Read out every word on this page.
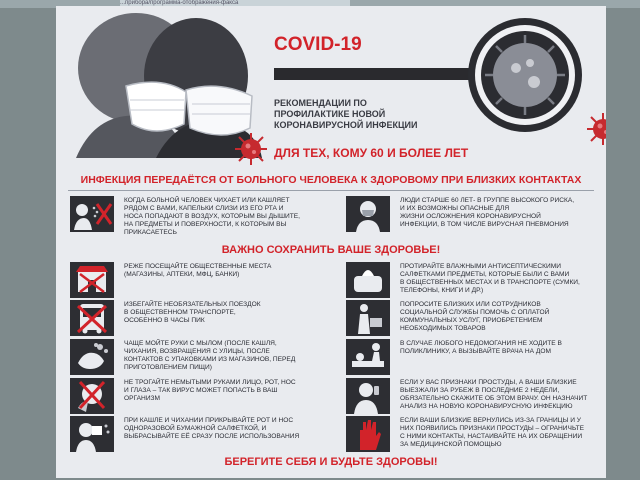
...прибора/программа-отображения-факса
COVID-19
РЕКОМЕНДАЦИИ ПО
ПРОФИЛАКТИКЕ НОВОЙ
КОРОНАВИРУСНОЙ ИНФЕКЦИИ
ДЛЯ ТЕХ, КОМУ 60 И БОЛЕЕ ЛЕТ
ИНФЕКЦИЯ ПЕРЕДАЁТСЯ ОТ БОЛЬНОГО ЧЕЛОВЕКА К ЗДОРОВОМУ ПРИ БЛИЗКИХ КОНТАКТАХ
КОГДА БОЛЬНОЙ ЧЕЛОВЕК ЧИХАЕТ ИЛИ КАШЛЯЕТ
РЯДОМ С ВАМИ, КАПЕЛЬКИ СЛИЗИ ИЗ ЕГО РТА И
НОСА ПОПАДАЮТ В ВОЗДУХ, КОТОРЫМ ВЫ ДЫШИТЕ,
НА ПРЕДМЕТЫ И ПОВЕРХНОСТИ, К КОТОРЫМ ВЫ
ПРИКАСАЕТЕСЬ
ЛЮДИ СТАРШЕ 60 ЛЕТ- В ГРУППЕ ВЫСОКОГО РИСКА,
И ИХ ВОЗМОЖНЫ ОПАСНЫЕ ДЛЯ
ЖИЗНИ ОСЛОЖНЕНИЯ КОРОНАВИРУСНОЙ
ИНФЕКЦИИ, В ТОМ ЧИСЛЕ ВИРУСНАЯ ПНЕВМОНИЯ
ВАЖНО СОХРАНИТЬ ВАШЕ ЗДОРОВЬЕ!
РЕЖЕ ПОСЕЩАЙТЕ ОБЩЕСТВЕННЫЕ МЕСТА
(МАГАЗИНЫ, АПТЕКИ, МФЦ, БАНКИ)
ИЗБЕГАЙТЕ НЕОБЯЗАТЕЛЬНЫХ ПОЕЗДОК
В ОБЩЕСТВЕННОМ ТРАНСПОРТЕ,
ОСОБЕННО В ЧАСЫ ПИК
ЧАЩЕ МОЙТЕ РУКИ С МЫЛОМ (ПОСЛЕ КАШЛЯ,
ЧИХАНИЯ, ВОЗВРАЩЕНИЯ С УЛИЦЫ, ПОСЛЕ
КОНТАКТОВ С УПАКОВКАМИ ИЗ МАГАЗИНОВ, ПЕРЕД
ПРИГОТОВЛЕНИЕМ ПИЩИ)
НЕ ТРОГАЙТЕ НЕМЫТЫМИ РУКАМИ ЛИЦО, РОТ, НОС
И ГЛАЗА – ТАК ВИРУС МОЖЕТ ПОПАСТЬ В ВАШ
ОРГАНИЗМ
ПРИ КАШЛЕ И ЧИХАНИИ ПРИКРЫВАЙТЕ РОТ И НОС
ОДНОРАЗОВОЙ БУМАЖНОЙ САЛФЕТКОЙ, И
ВЫБРАСЫВАЙТЕ ЕЁ СРАЗУ ПОСЛЕ ИСПОЛЬЗОВАНИЯ
ПРОТИРАЙТЕ ВЛАЖНЫМИ АНТИСЕПТИЧЕСКИМИ
САЛФЕТКАМИ ПРЕДМЕТЫ, КОТОРЫЕ БЫЛИ С ВАМИ
В ОБЩЕСТВЕННЫХ МЕСТАХ И В ТРАНСПОРТЕ (СУМКИ,
ТЕЛЕФОНЫ, КНИГИ И ДР.)
ПОПРОСИТЕ БЛИЗКИХ ИЛИ СОТРУДНИКОВ
СОЦИАЛЬНОЙ СЛУЖБЫ ПОМОЧЬ С ОПЛАТОЙ
КОММУНАЛЬНЫХ УСЛУГ, ПРИОБРЕТЕНИЕМ
НЕОБХОДИМЫХ ТОВАРОВ
В СЛУЧАЕ ЛЮБОГО НЕДОМОГАНИЯ НЕ ХОДИТЕ В
ПОЛИКЛИНИКУ, А ВЫЗЫВАЙТЕ ВРАЧА НА ДОМ
ЕСЛИ У ВАС ПРИЗНАКИ ПРОСТУДЫ, А ВАШИ БЛИЗКИЕ
ВЫЕЗЖАЛИ ЗА РУБЕЖ В ПОСЛЕДНИЕ 2 НЕДЕЛИ,
ОБЯЗАТЕЛЬНО СКАЖИТЕ ОБ ЭТОМ ВРАЧУ. ОН НАЗНАЧИТ
АНАЛИЗ НА НОВУЮ КОРОНАВИРУСНУЮ ИНФЕКЦИЮ
ЕСЛИ ВАШИ БЛИЗКИЕ ВЕРНУЛИСЬ ИЗ-ЗА ГРАНИЦЫ И У
НИХ ПОЯВИЛИСЬ ПРИЗНАКИ ПРОСТУДЫ – ОГРАНИЧЬТЕ
С НИМИ КОНТАКТЫ, НАСТАИВАЙТЕ НА ИХ ОБРАЩЕНИИ
ЗА МЕДИЦИНСКОЙ ПОМОЩЬЮ
БЕРЕГИТЕ СЕБЯ И БУДЬТЕ ЗДОРОВЫ!
